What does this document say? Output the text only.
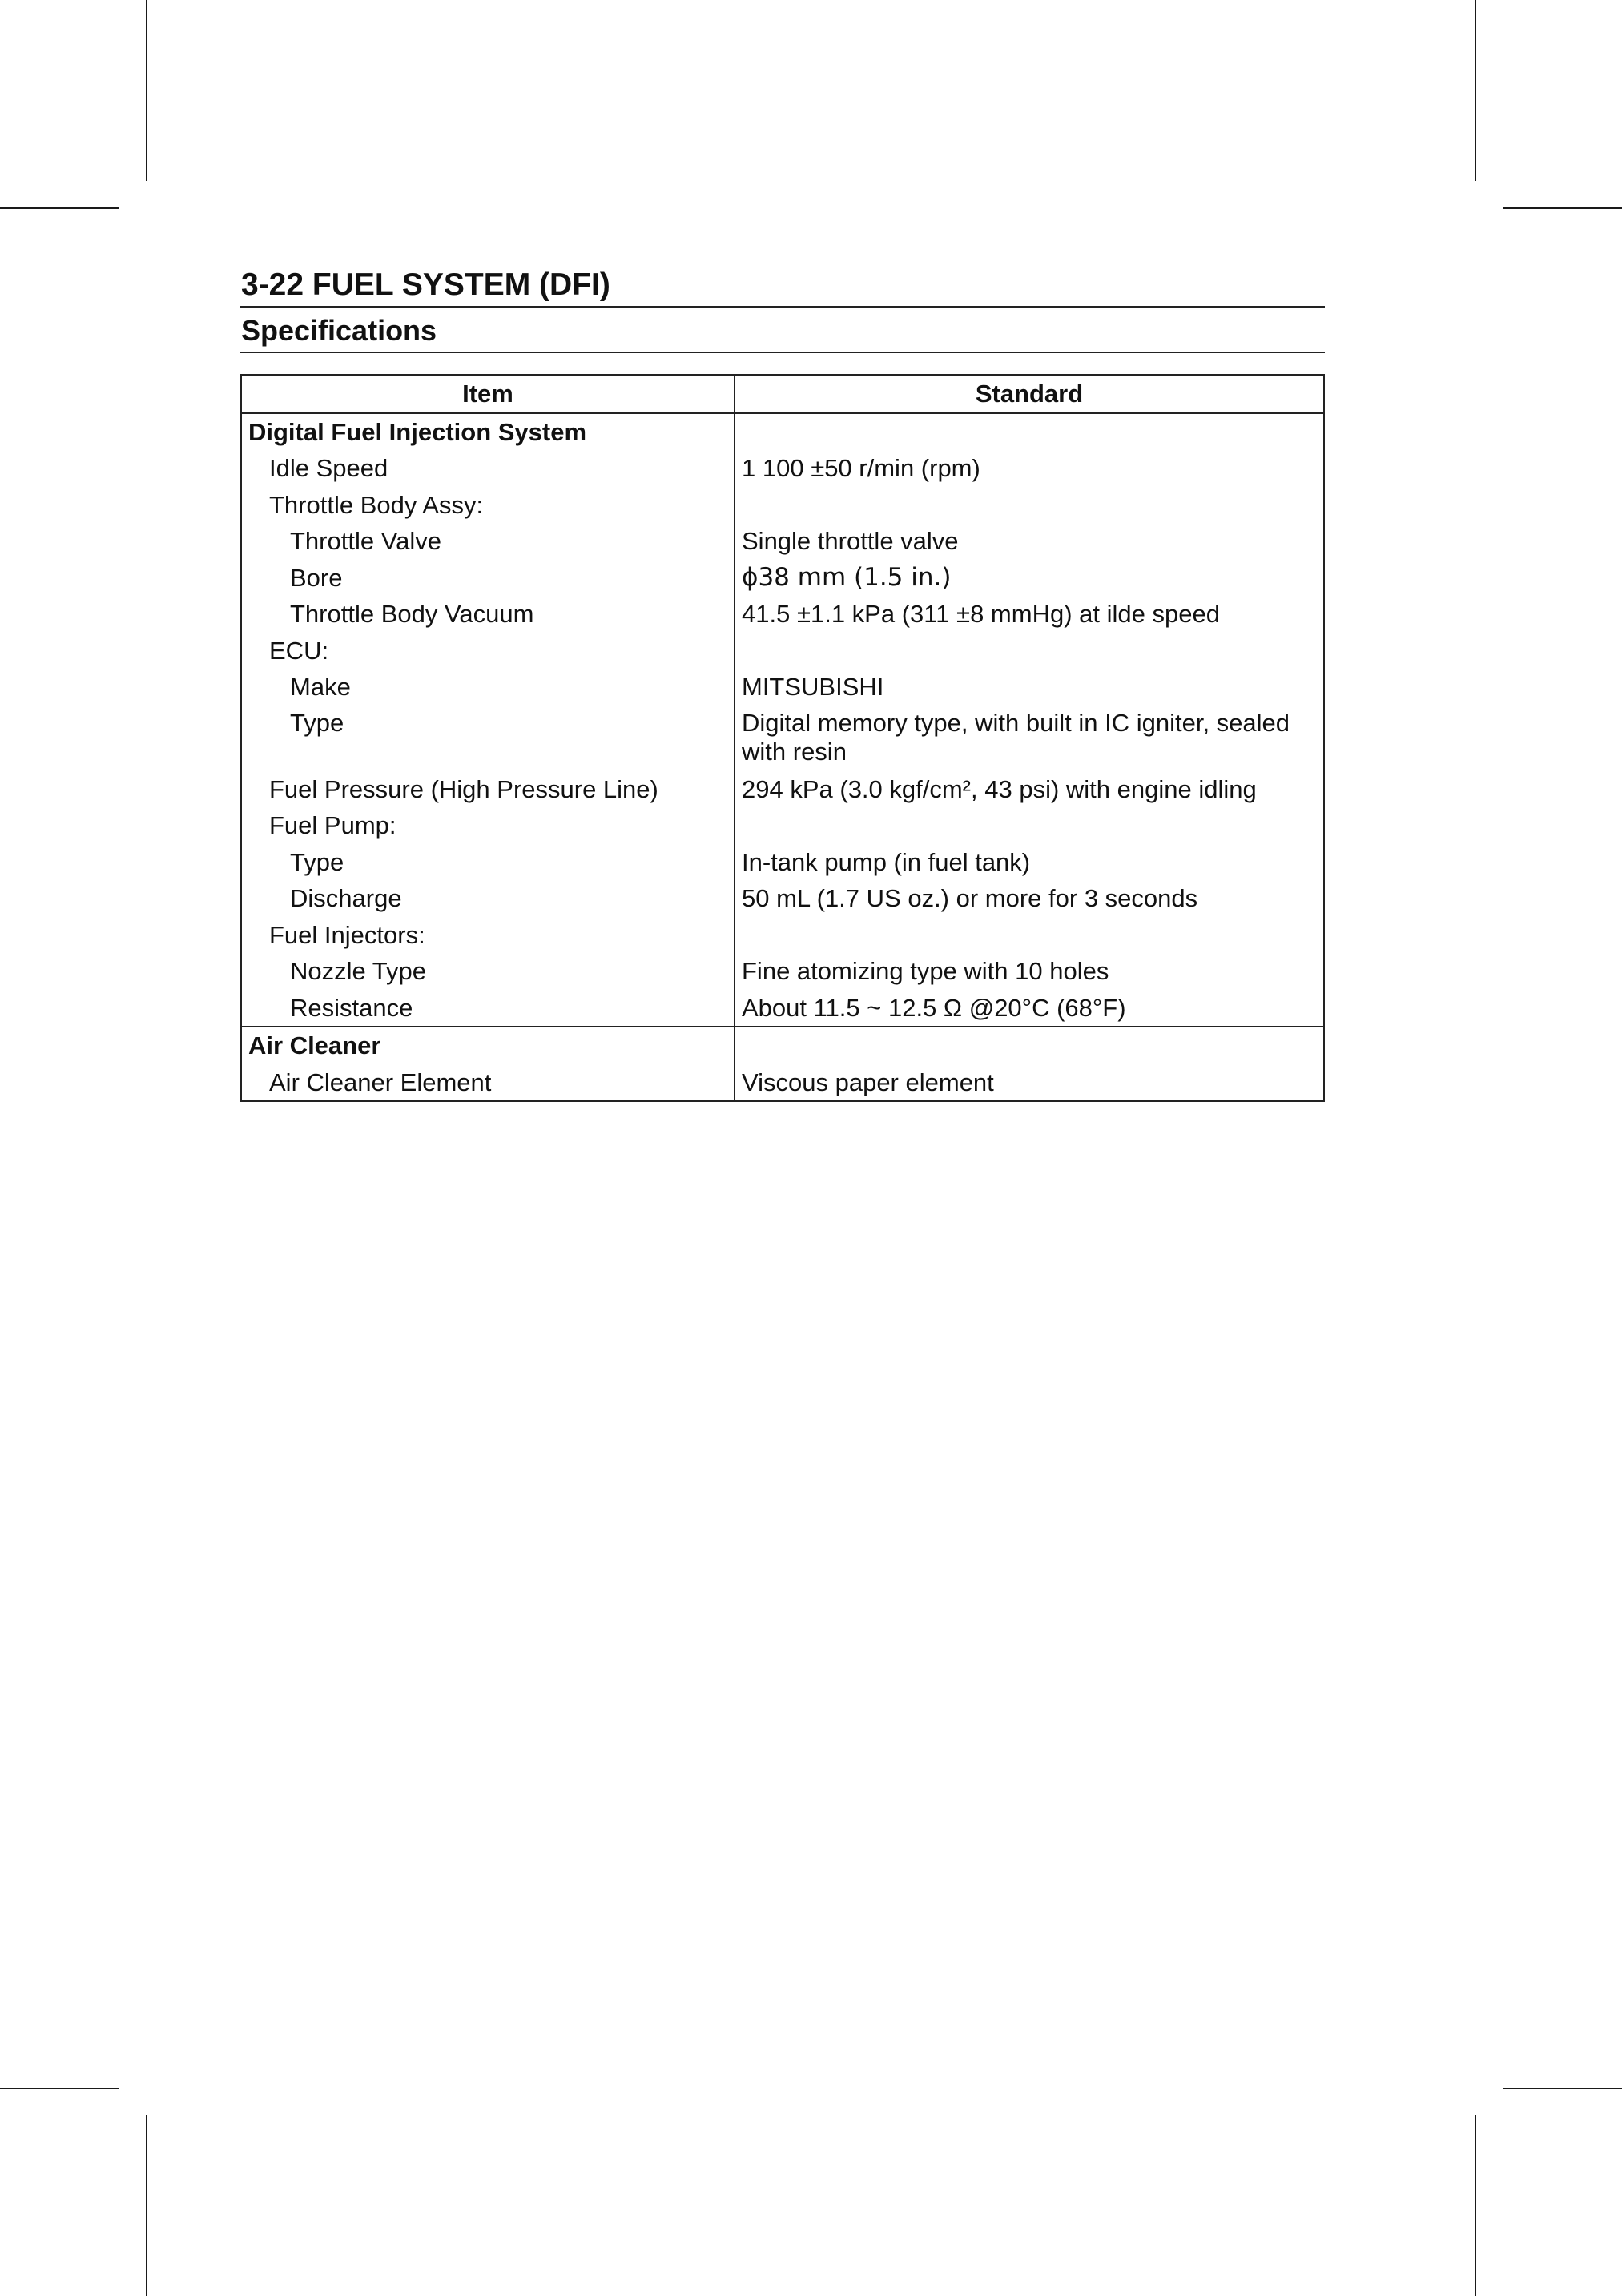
3-22 FUEL SYSTEM (DFI)
Specifications
Item	Standard
Digital Fuel Injection System	
Idle Speed	1 100 ±50 r/min (rpm)
Throttle Body Assy:	
Throttle Valve	Single throttle valve
Bore	ϕ38 mm (1.5 in.)
Throttle Body Vacuum	41.5 ±1.1 kPa (311 ±8 mmHg) at ilde speed
ECU:	
Make	MITSUBISHI
Type	Digital memory type, with built in IC igniter, sealed with resin
Fuel Pressure (High Pressure Line)	294 kPa (3.0 kgf/cm², 43 psi) with engine idling
Fuel Pump:	
Type	In-tank pump (in fuel tank)
Discharge	50 mL (1.7 US oz.) or more for 3 seconds
Fuel Injectors:	
Nozzle Type	Fine atomizing type with 10 holes
Resistance	About 11.5 ~ 12.5 Ω @20°C (68°F)
Air Cleaner	
Air Cleaner Element	Viscous paper element
